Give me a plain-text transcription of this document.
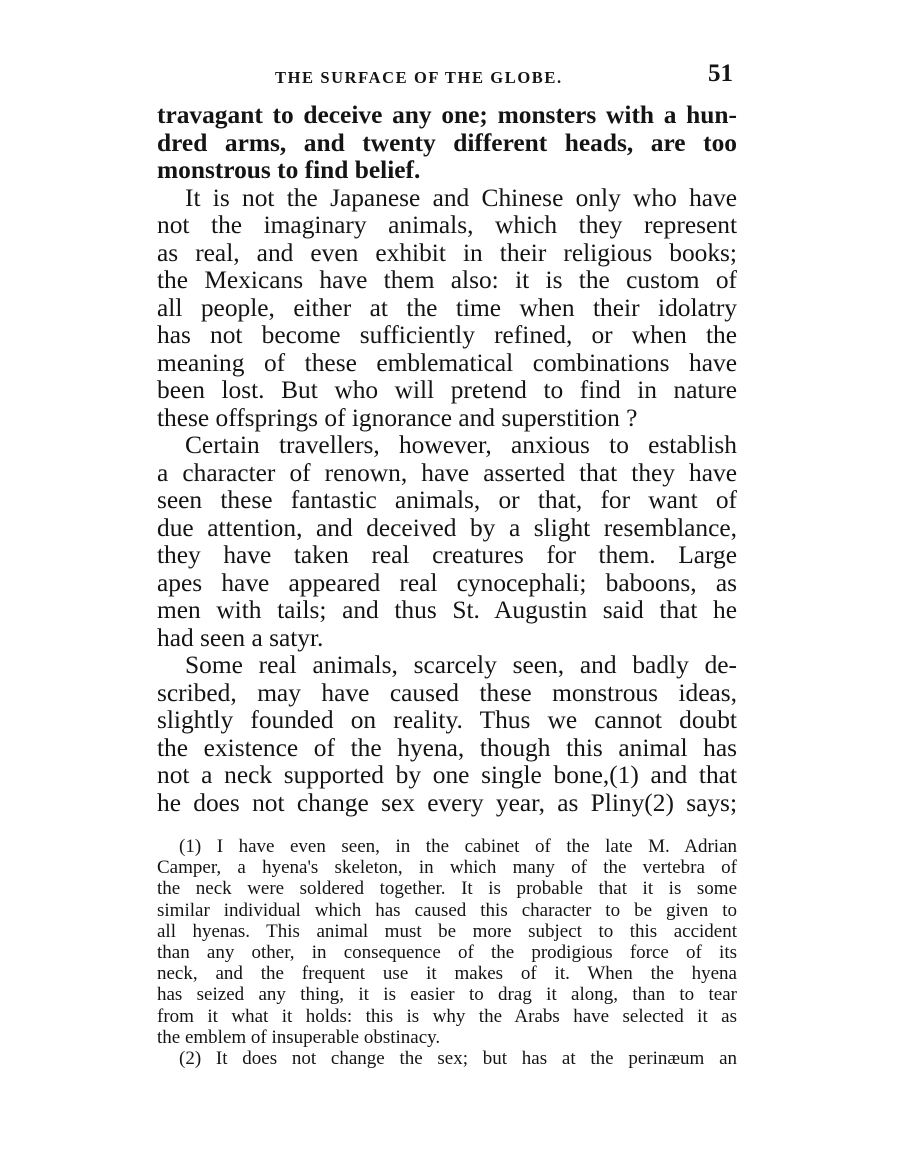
THE SURFACE OF THE GLOBE.	51
travagant to deceive any one; monsters with a hun-
dred arms, and twenty different heads, are too
monstrous to find belief.
It is not the Japanese and Chinese only who have
not the imaginary animals, which they represent
as real, and even exhibit in their religious books;
the Mexicans have them also: it is the custom of
all people, either at the time when their idolatry
has not become sufficiently refined, or when the
meaning of these emblematical combinations have
been lost. But who will pretend to find in nature
these offsprings of ignorance and superstition ?
Certain travellers, however, anxious to establish
a character of renown, have asserted that they have
seen these fantastic animals, or that, for want of
due attention, and deceived by a slight resemblance,
they have taken real creatures for them. Large
apes have appeared real cynocephali; baboons, as
men with tails; and thus St. Augustin said that he
had seen a satyr.
Some real animals, scarcely seen, and badly de-
scribed, may have caused these monstrous ideas,
slightly founded on reality. Thus we cannot doubt
the existence of the hyena, though this animal has
not a neck supported by one single bone,(1) and that
he does not change sex every year, as Pliny(2) says;
(1) I have even seen, in the cabinet of the late M. Adrian
Camper, a hyena's skeleton, in which many of the vertebra of
the neck were soldered together. It is probable that it is some
similar individual which has caused this character to be given to
all hyenas. This animal must be more subject to this accident
than any other, in consequence of the prodigious force of its
neck, and the frequent use it makes of it. When the hyena
has seized any thing, it is easier to drag it along, than to tear
from it what it holds: this is why the Arabs have selected it as
the emblem of insuperable obstinacy.
(2) It does not change the sex; but has at the perinæum an
